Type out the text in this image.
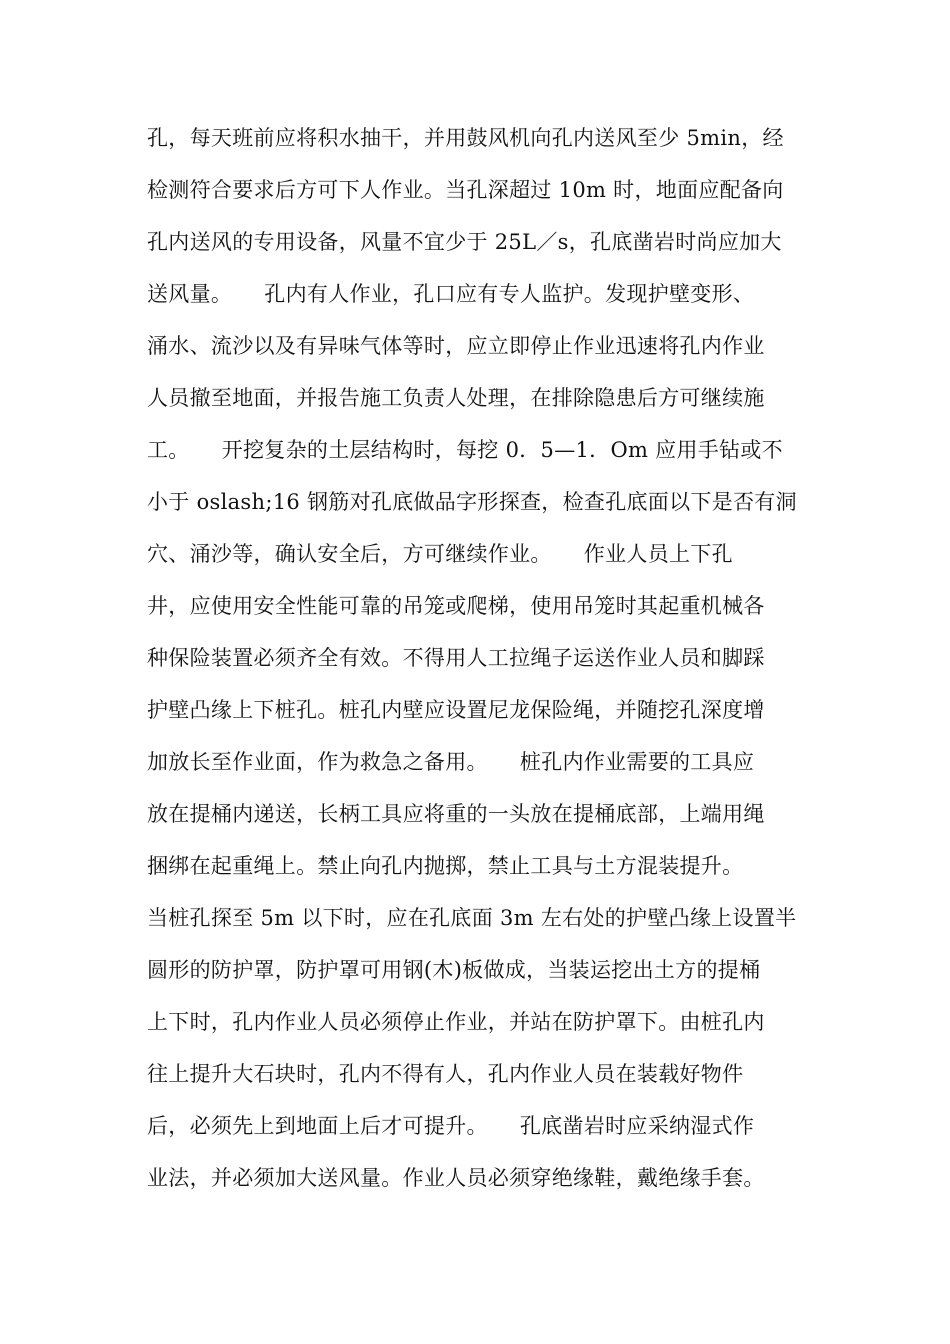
孔，每天班前应将积水抽干，并用鼓风机向孔内送风至少 5min，经
检测符合要求后方可下人作业。当孔深超过 10m 时，地面应配备向
孔内送风的专用设备，风量不宜少于 25L／s，孔底凿岩时尚应加大
送风量。　　孔内有人作业，孔口应有专人监护。发现护壁变形、
涌水、流沙以及有异味气体等时，应立即停止作业迅速将孔内作业
人员撤至地面，并报告施工负责人处理，在排除隐患后方可继续施
工。　　开挖复杂的土层结构时，每挖 0．5—1．Om 应用手钻或不
小于 oslash;16 钢筋对孔底做品字形探查，检查孔底面以下是否有洞
穴、涌沙等，确认安全后，方可继续作业。　　作业人员上下孔
井，应使用安全性能可靠的吊笼或爬梯，使用吊笼时其起重机械各
种保险装置必须齐全有效。不得用人工拉绳子运送作业人员和脚踩
护壁凸缘上下桩孔。桩孔内壁应设置尼龙保险绳，并随挖孔深度增
加放长至作业面，作为救急之备用。　　桩孔内作业需要的工具应
放在提桶内递送，长柄工具应将重的一头放在提桶底部，上端用绳
捆绑在起重绳上。禁止向孔内抛掷，禁止工具与土方混装提升。
当桩孔探至 5m 以下时，应在孔底面 3m 左右处的护壁凸缘上设置半
圆形的防护罩，防护罩可用钢(木)板做成，当装运挖出土方的提桶
上下时，孔内作业人员必须停止作业，并站在防护罩下。由桩孔内
往上提升大石块时，孔内不得有人，孔内作业人员在装载好物件
后，必须先上到地面上后才可提升。　　孔底凿岩时应采纳湿式作
业法，并必须加大送风量。作业人员必须穿绝缘鞋，戴绝缘手套。
